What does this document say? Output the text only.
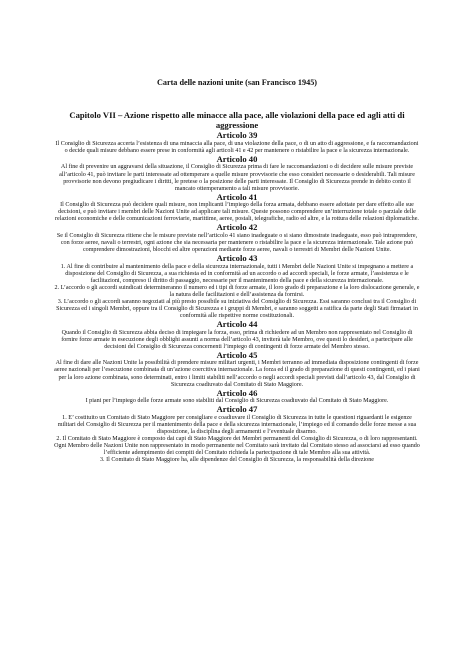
Carta delle nazioni unite (san Francisco 1945)
Capitolo VII – Azione rispetto alle minacce alla pace, alle violazioni della pace ed agli atti di aggressione
Articolo 39

Il Consiglio di Sicurezza accerta l’esistenza di una minaccia alla pace, di una violazione della pace, o di un atto di aggressione, e fa raccomandazioni o decide quali misure debbano essere prese in conformità agli articoli 41 e 42 per mantenere o ristabilire la pace e la sicurezza internazionale.

Articolo 40

Al fine di prevenire un aggravarsi della situazione, il Consiglio di Sicurezza prima di fare le raccomandazioni o di decidere sulle misure previste all’articolo 41, può invitare le parti interessate ad ottemperare a quelle misure provvisorie che esso consideri necessarie o desiderabili. Tali misure provvisorie non devono pregiudicare i diritti, le pretese o la posizione delle parti interessate. Il Consiglio di Sicurezza prende in debito conto il mancato ottemperamento a tali misure provvisorie.

Articolo 41

Il Consiglio di Sicurezza può decidere quali misure, non implicanti l’impiego della forza armata, debbano essere adottate per dare effetto alle sue decisioni, e può invitare i membri delle Nazioni Unite ad applicare tali misure. Queste possono comprendere un’interruzione totale o parziale delle relazioni economiche e delle comunicazioni ferroviarie, marittime, aeree, postali, telegrafiche, radio ed altre, e la rottura delle relazioni diplomatiche.

Articolo 42

Se il Consiglio di Sicurezza ritiene che le misure previste nell’articolo 41 siano inadeguate o si siano dimostrate inadeguate, esso può intraprendere, con forze aeree, navali o terrestri, ogni azione che sia necessaria per mantenere o ristabilire la pace e la sicurezza internazionale. Tale azione può comprendere dimostrazioni, blocchi ed altre operazioni mediante forze aeree, navali o terrestri di Membri delle Nazioni Unite.

Articolo 43

1. Al fine di contribuire al mantenimento della pace e della sicurezza internazionale, tutti i Membri delle Nazioni Unite si impegnano a mettere a disposizione del Consiglio di Sicurezza, a sua richiesta ed in conformità ad un accordo o ad accordi speciali, le forze armate, l’assistenza e le facilitazioni, compreso il diritto di passaggio, necessarie per il mantenimento della pace e della sicurezza internazionale.

2. L’accordo o gli accordi suindicati determineranno il numero ed i tipi di forze armate, il loro grado di preparazione e la loro dislocazione generale, e la natura delle facilitazioni e dell’assistenza da fornirsi.

3. L’accordo o gli accordi saranno negoziati al più presto possibile su iniziativa del Consiglio di Sicurezza. Essi saranno conclusi tra il Consiglio di Sicurezza ed i singoli Membri, oppure tra il Consiglio di Sicurezza e i gruppi di Membri, e saranno soggetti a ratifica da parte degli Stati firmatari in conformità alle rispettive norme costituzionali.

Articolo 44

Quando il Consiglio di Sicurezza abbia deciso di impiegare la forza, esso, prima di richiedere ad un Membro non rappresentato nel Consiglio di fornire forze armate in esecuzione degli obblighi assunti a norma dell’articolo 43, inviterà tale Membro, ove questi lo desideri, a partecipare alle decisioni del Consiglio di Sicurezza concernenti l’impiego di contingenti di forze armate del Membro stesso.

Articolo 45

Al fine di dare alle Nazioni Unite la possibilità di prendere misure militari urgenti, i Membri terranno ad immediata disposizione contingenti di forze aeree nazionali per l’esecuzione combinata di un’azione coercitiva internazionale. La forza ed il grado di preparazione di questi contingenti, ed i piani per la loro azione combinata, sono determinati, entro i limiti stabiliti nell’accordo o negli accordi speciali previsti dall’articolo 43, dal Consiglio di Sicurezza coadiuvato dal Comitato di Stato Maggiore.

Articolo 46

I piani per l’impiego delle forze armate sono stabiliti dal Consiglio di Sicurezza coadiuvato dal Comitato di Stato Maggiore.

Articolo 47

1. E’ costituito un Comitato di Stato Maggiore per consigliare e coadiuvare il Consiglio di Sicurezza in tutte le questioni riguardanti le esigenze militari del Consiglio di Sicurezza per il mantenimento della pace e della sicurezza internazionale, l’impiego ed il comando delle forze messe a sua disposizione, la disciplina degli armamenti e l’eventuale disarmo.

2. Il Comitato di Stato Maggiore è composto dai capi di Stato Maggiore dei Membri permanenti del Consiglio di Sicurezza, o di loro rappresentanti. Ogni Membro delle Nazioni Unite non rappresentato in modo permanente nel Comitato sarà invitato dal Comitato stesso ad associarsi ad esso quando l’efficiente adempimento dei compiti del Comitato richieda la partecipazione di tale Membro alla sua attività.

3. Il Comitato di Stato Maggiore ha, alle dipendenze del Consiglio di Sicurezza, la responsabilità della direzione
